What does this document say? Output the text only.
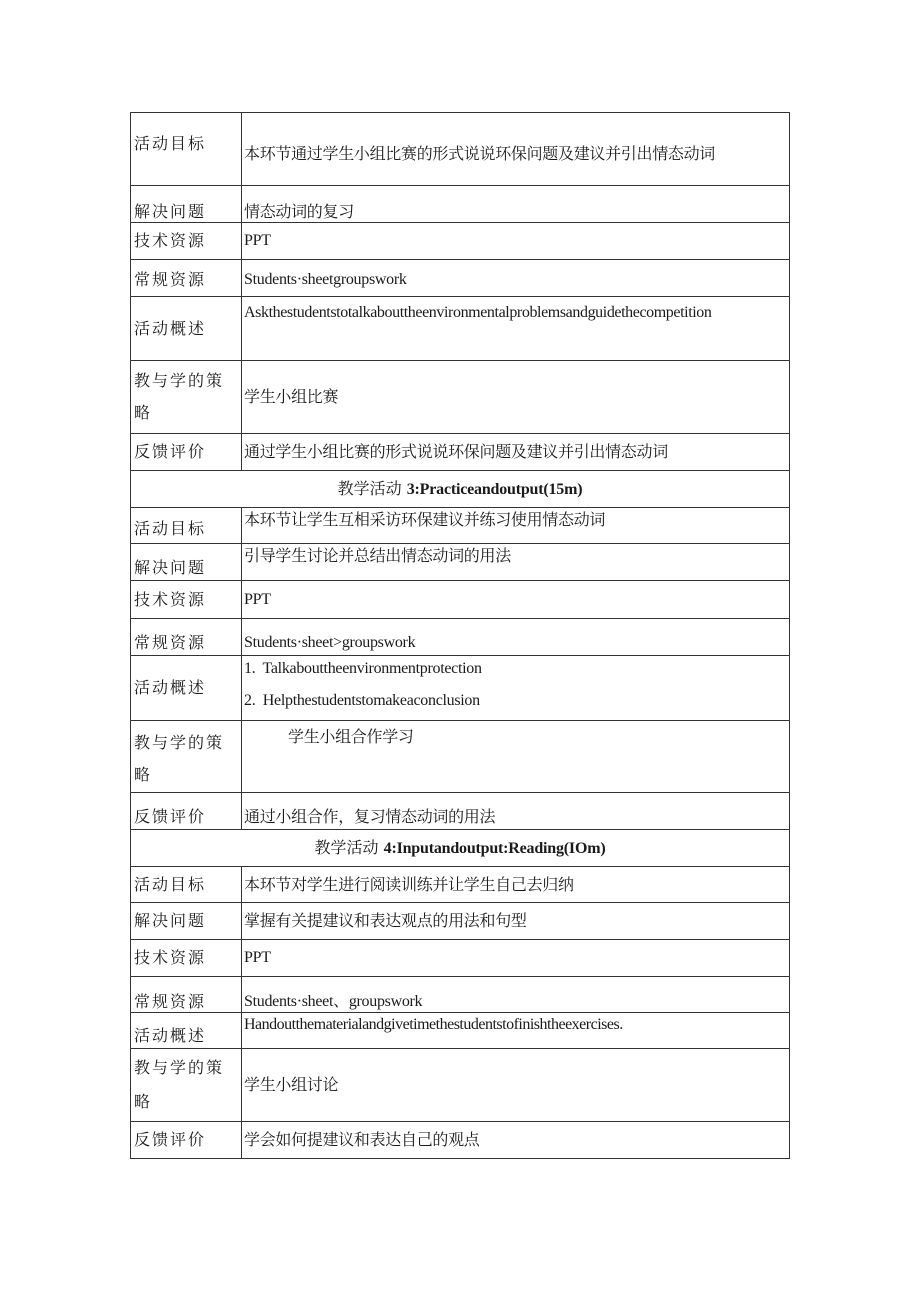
活动目标	本环节通过学生小组比赛的形式说说环保问题及建议并引出情态动词

解决问题	情态动词的复习

技术资源	PPT

常规资源	Students·sheetgroupswork

活动概述	Askthestudentstotalkabouttheenvironmentalproblemsandguidethecompetition

教与学的策
略	学生小组比赛

反馈评价	通过学生小组比赛的形式说说环保问题及建议并引出情态动词

教学活动 3:Practiceandoutput(15m)	

活动目标	本环节让学生互相采访环保建议并练习使用情态动词

解决问题	引导学生讨论并总结出情态动词的用法

技术资源	PPT

常规资源	Students·sheet>groupswork

活动概述	1.  Talkabouttheenvironmentprotection
2.  Helpthestudentstomakeaconclusion

教与学的策
略	学生小组合作学习

反馈评价	通过小组合作，复习情态动词的用法

教学活动 4:Inputandoutput:Reading(IOm)	

活动目标	本环节对学生进行阅读训练并让学生自己去归纳

解决问题	掌握有关提建议和表达观点的用法和句型

技术资源	PPT

常规资源	Students·sheet、groupswork

活动概述	Handoutthematerialandgivetimethestudentstofinishtheexercises.

教与学的策
略	学生小组讨论

反馈评价	学会如何提建议和表达自己的观点
